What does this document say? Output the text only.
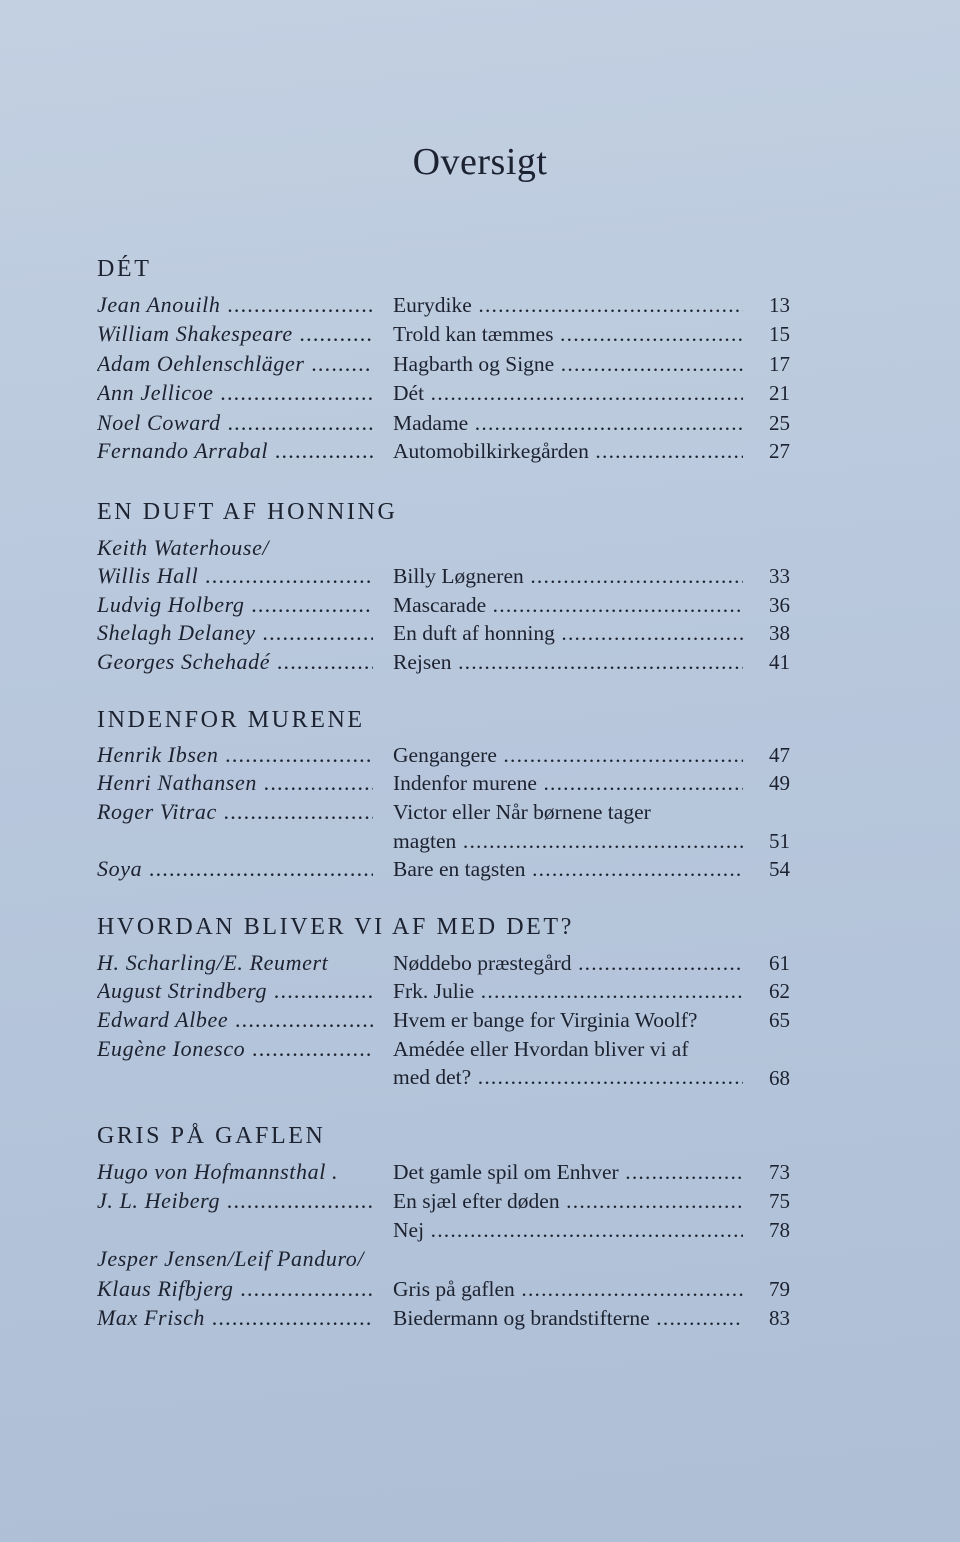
Oversigt
DÉT
Jean Anouilh .....	Eurydike .....	13
William Shakespeare .....	Trold kan tæmmes .....	15
Adam Oehlenschläger .....	Hagbarth og Signe .....	17
Ann Jellicoe .....	Dét .....	21
Noel Coward .....	Madame .....	25
Fernando Arrabal .....	Automobilkirkegården .....	27
EN DUFT AF HONNING
Keith Waterhouse/
Willis Hall .....	Billy Løgneren .....	33
Ludvig Holberg .....	Mascarade .....	36
Shelagh Delaney .....	En duft af honning .....	38
Georges Schehadé .....	Rejsen .....	41
INDENFOR MURENE
Henrik Ibsen .....	Gengangere .....	47
Henri Nathansen .....	Indenfor murene .....	49
Roger Vitrac .....	Victor eller Når børnene tager
magten .....	51
Soya .....	Bare en tagsten .....	54
HVORDAN BLIVER VI AF MED DET?
H. Scharling/E. Reumert	Nøddebo præstegård .....	61
August Strindberg .....	Frk. Julie .....	62
Edward Albee .....	Hvem er bange for Virginia Woolf?	65
Eugène Ionesco .....	Amédée eller Hvordan bliver vi af
med det? .....	68
GRIS PÅ GAFLEN
Hugo von Hofmannsthal .	Det gamle spil om Enhver .....	73
J. L. Heiberg .....	En sjæl efter døden .....	75
Nej .....	78
Jesper Jensen/Leif Panduro/
Klaus Rifbjerg .....	Gris på gaflen .....	79
Max Frisch .....	Biedermann og brandstifterne .....	83
